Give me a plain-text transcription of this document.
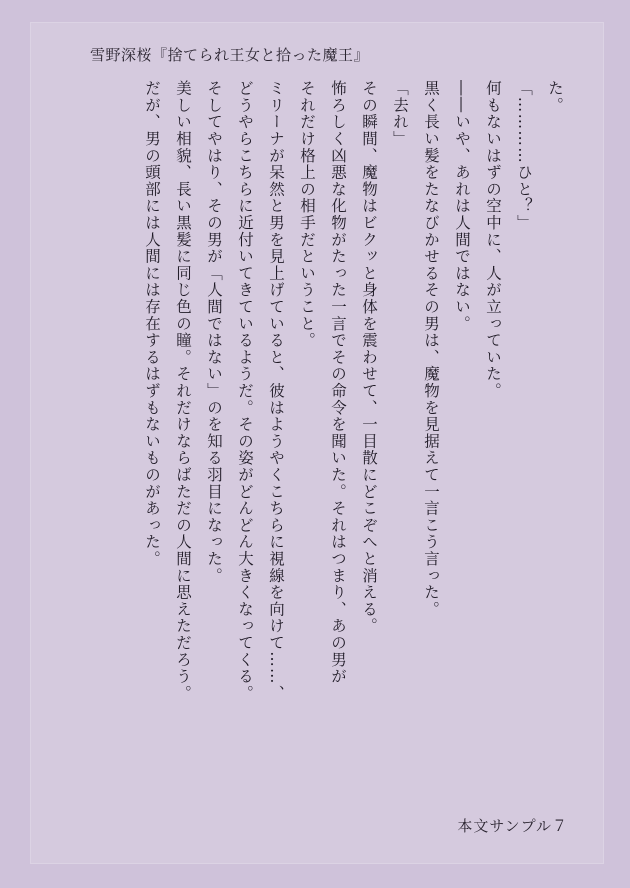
雪野深桜『捨てられ王女と拾った魔王』

た。

「…………ひと？」

何もないはずの空中に、人が立っていた。

――いや、あれは人間ではない。

黒く長い髪をたなびかせるその男は、魔物を見据えて一言こう言った。

「去れ」

その瞬間、魔物はビクッと身体を震わせて、一目散にどこぞへと消える。

怖ろしく凶悪な化物がたった一言でその命令を聞いた。それはつまり、あの男が

それだけ格上の相手だということ。

ミリーナが呆然と男を見上げていると、彼はようやくこちらに視線を向けて……、

どうやらこちらに近付いてきているようだ。その姿がどんどん大きくなってくる。

そしてやはり、その男が「人間ではない」のを知る羽目になった。

美しい相貌、長い黒髪に同じ色の瞳。それだけならばただの人間に思えただろう。

だが、男の頭部には人間には存在するはずもないものがあった。

本文サンプル７
